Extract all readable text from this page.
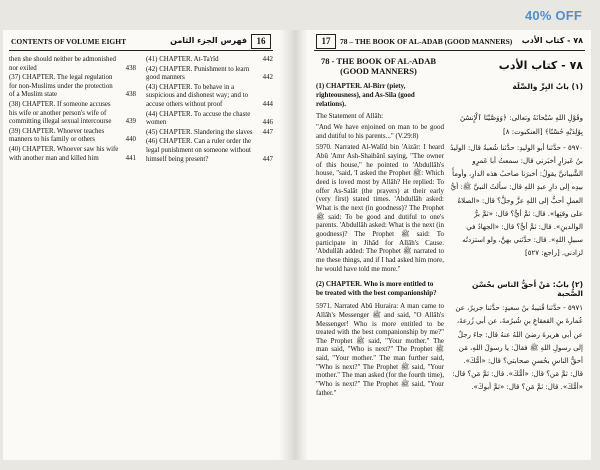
40% OFF
CONTENTS OF VOLUME EIGHT	فهرس الجزء الثامن	16
then she should neither be admonished nor exiled	438
(37) CHAPTER. The legal regulation for non-Muslims under the protection of a Muslim state	438
(38) CHAPTER. If someone accuses his wife or another person's wife of committing illegal sexual intercourse	439
(39) CHAPTER. Whoever teaches manners to his family or others	440
(40) CHAPTER. Whoever saw his wife with another man and killed him	441
(41) CHAPTER. At-Ta'rîd	442
(42) CHAPTER. Punishment to learn good manners	442
(43) CHAPTER. To behave in a suspicious and dishonest way; and to accuse others without proof	444
(44) CHAPTER. To accuse the chaste women	446
(45) CHAPTER. Slandering the slaves	447
(46) CHAPTER. Can a ruler order the legal punishment on someone without himself being present?	447
17	78 – THE BOOK OF AL-ADAB (GOOD MANNERS) ٧٨ - كتاب الأدب
78 - THE BOOK OF AL-ADAB (GOOD MANNERS)	٧٨ - كتاب الأدب
(1) CHAPTER. Al-Birr (piety, righteousness), and As-Sila (good relations).
(١) بابُ البِرِّ والصِّلَة
The Statement of Allâh:

"And We have enjoined on man to be good and dutiful to his parents..." (V.29:8)

5970. Narrated Al-Walîd bin 'Aizâr: I heard Abû 'Amr Ash-Shaibânî saying, "The owner of this house," he pointed to 'Abdullâh's house, "said, 'I asked the Prophet ﷺ: Which deed is loved most by Allâh? He replied: To offer As-Salât (the prayers) at their early (very first) stated times. 'Abdullâh asked: What is the next (in goodness)? The Prophet ﷺ said: To be good and dutiful to one's parents. 'Abdullâh asked: What is the next (in goodness)? The Prophet ﷺ said: To participate in Jihâd for Allâh's Cause. 'Abdullâh added: The Prophet ﷺ narrated to me these things, and if I had asked him more, he would have told me more."

وقَوْلِ اللهِ سُبْحانَهُ وتعالى: ﴿وَوَصَّيْنَا ٱلْإِنسَٰنَ بِوَٰلِدَيْهِ حُسْنًا﴾ [العنكبوت: ٨]

٥٩٧٠ - حدَّثنا أبو الوليدِ: حدَّثنا شُعبةُ قال: الوليدُ بنُ عَيزارٍ أخبَرني قال: سمعتُ أبا عَمرٍو الشَّيبانيَّ يقولُ: أخبرَنا صاحبُ هذه الدارِ، وأومأَ بيدِه إلى دارِ عبدِ اللهِ قال: سألتُ النبيَّ ﷺ: أيُّ العملِ أحبُّ إلى اللهِ عزَّ وجلَّ؟ قال: «الصلاةُ على وقتِها». قال: ثمَّ أيٌّ؟ قال: «ثمَّ برُّ الوالدينِ». قال: ثمَّ أيٌّ؟ قال: «الجهادُ في سبيلِ اللهِ». قال: حدَّثني بهنَّ، ولو استزدتُه لزادني. [راجع: ٥٢٧]

(2) CHAPTER. Who is more entitled to be treated with the best companionship?
(٢) بابٌ: مَنْ أحقُّ الناس بحُسْن الصُّحبة

5971. Narrated Abû Huraira: A man came to Allâh's Messenger ﷺ and said, "O Allâh's Messenger! Who is more entitled to be treated with the best companionship by me?" The Prophet ﷺ said, "Your mother." The man said, "Who is next?" The Prophet ﷺ said, "Your mother." The man further said, "Who is next?" The Prophet ﷺ said, "Your mother." The man asked (for the fourth time), "Who is next?" The Prophet ﷺ said, "Your father."

٥٩٧١ - حدَّثنا قُتيبةُ بنُ سعيدٍ: حدَّثنا جريرٌ، عن عُمارةَ بنِ القعقاعِ بنِ شُبرُمةَ، عن أبي زُرعةَ، عن أبي هريرةَ رضيَ اللهُ عنهُ قال: جاءَ رجلٌ إلى رسولِ اللهِ ﷺ فقالَ: يا رسولَ اللهِ، مَن أحقُّ الناسِ بحُسنِ صحابتي؟ قال: «أمُّكَ». قال: ثمَّ مَن؟ قال: «أمُّكَ». قال: ثمَّ مَن؟ قال: «أمُّكَ». قال: ثمَّ مَن؟ قال: «ثمَّ أبوكَ».
